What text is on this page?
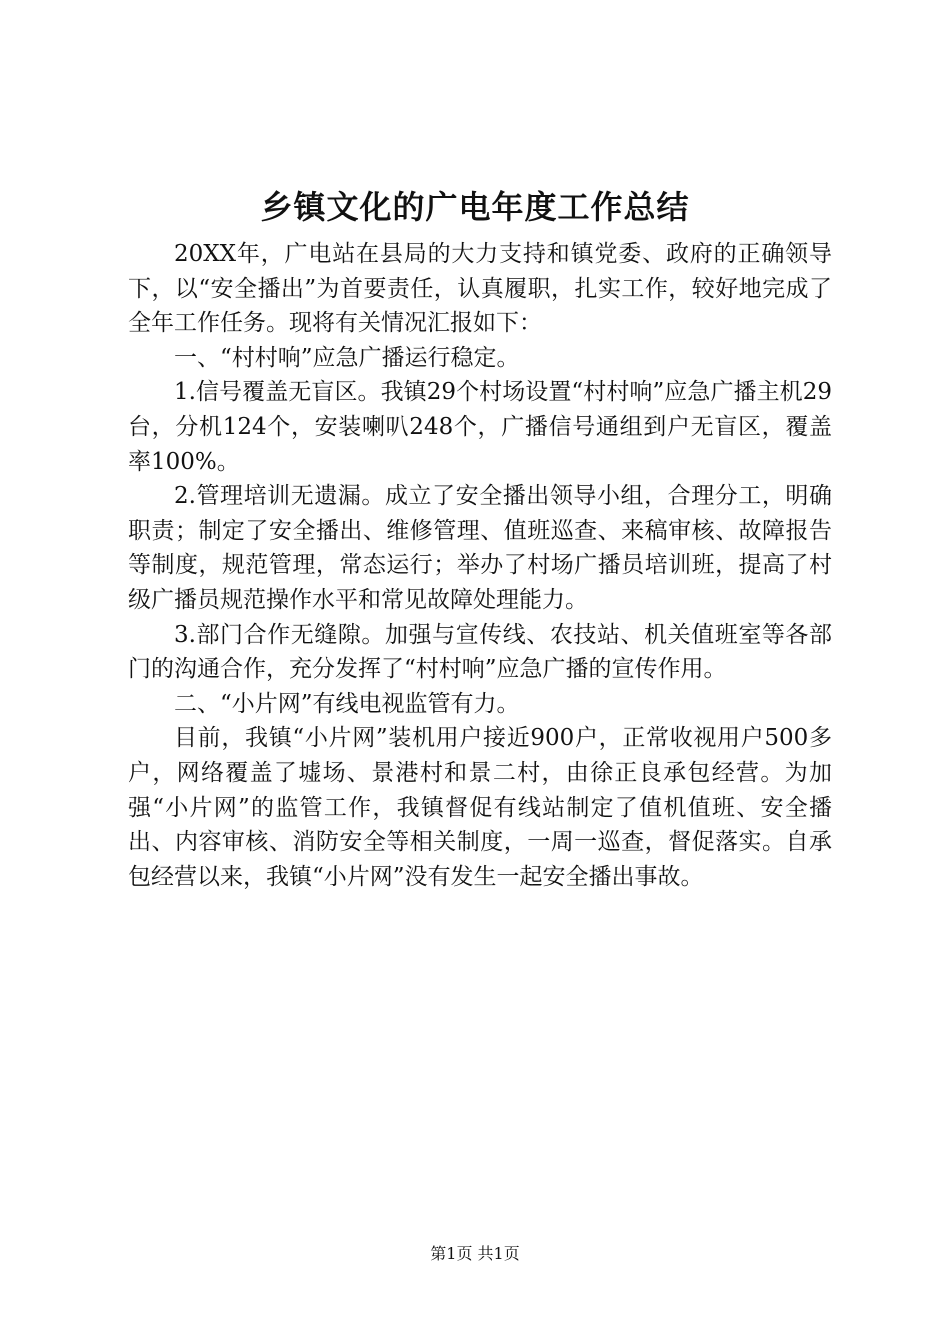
乡镇文化的广电年度工作总结

20XX年，广电站在县局的大力支持和镇党委、政府的正确领导下，以“安全播出”为首要责任，认真履职，扎实工作，较好地完成了全年工作任务。现将有关情况汇报如下：

一、“村村响”应急广播运行稳定。

1.信号覆盖无盲区。我镇29个村场设置“村村响”应急广播主机29台，分机124个，安装喇叭248个，广播信号通组到户无盲区，覆盖率100%。

2.管理培训无遗漏。成立了安全播出领导小组，合理分工，明确职责；制定了安全播出、维修管理、值班巡查、来稿审核、故障报告等制度，规范管理，常态运行；举办了村场广播员培训班，提高了村级广播员规范操作水平和常见故障处理能力。

3.部门合作无缝隙。加强与宣传线、农技站、机关值班室等各部门的沟通合作，充分发挥了“村村响”应急广播的宣传作用。

二、“小片网”有线电视监管有力。

目前，我镇“小片网”装机用户接近900户，正常收视用户500多户，网络覆盖了墟场、景港村和景二村，由徐正良承包经营。为加强“小片网”的监管工作，我镇督促有线站制定了值机值班、安全播出、内容审核、消防安全等相关制度，一周一巡查，督促落实。自承包经营以来，我镇“小片网”没有发生一起安全播出事故。

第1页 共1页
